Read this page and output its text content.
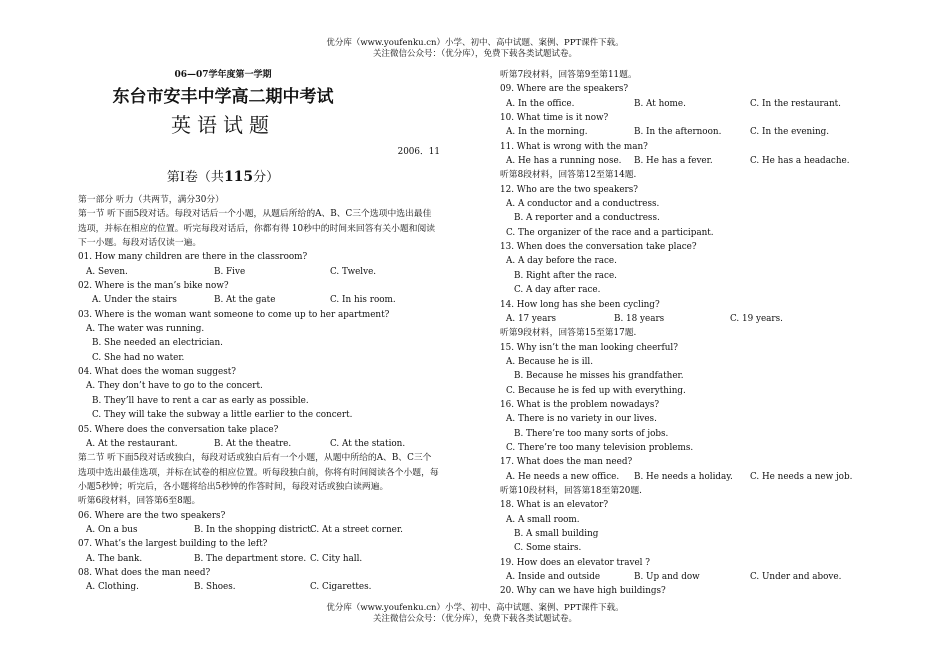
优分库（www.youfenku.cn）小学、初中、高中试题、案例、PPT课件下载。
关注微信公众号：（优分库），免费下载各类试题试卷。
06—07学年度第一学期
东台市安丰中学高二期中考试
英语试题
2006．11
第Ⅰ卷（共115分）
第一部分 听力（共两节，满分30分）
第一节 听下面5段对话。每段对话后一个小题，从题后所给的A、B、C三个选项中选出最佳选项，并标在相应的位置。听完每段对话后，你都有得 10秒中的时间来回答有关小题和阅读下一小题。每段对话仅读一遍。
01. How many children are there in the classroom?
A. Seven.	B. Five	C. Twelve.
02. Where is the man’s bike now?
A. Under the stairs	B. At the gate	C. In his room.
03. Where is the woman want someone to come up to her apartment?
A. The water was running.
B. She needed an electrician.
C. She had no water.
04. What does the woman suggest?
A. They don’t have to go to the concert.
B. They’ll have to rent a car as early as possible.
C. They will take the subway a little earlier to the concert.
05. Where does the conversation take place?
A. At the restaurant.	B. At the theatre.	C. At the station.
第二节 听下面5段对话或独白，每段对话或独白后有一个小题，从题中所给的A、B、C三个选项中选出最佳选项，并标在试卷的相应位置。听每段独白前，你将有时间阅读各个小题，每小题5秒钟；听完后，各小题将给出5秒钟的作答时间，每段对话或独白读两遍。
听第6段材料，回答第6至8题。
06. Where are the two speakers?
A. On a bus	B. In the shopping district.
C. At a street corner.
07. What’s the largest building to the left?
A. The bank.	B. The department store. C. City hall.
08. What does the man need?
A. Clothing.	B. Shoes.	C. Cigarettes.
听第7段材料，回答第9至第11题。
09. Where are the speakers?
A. In the office.	B. At home.	C. In the restaurant.
10. What time is it now?
A. In the morning.	B. In the afternoon.	C. In the evening.
11. What is wrong with the man?
A. He has a running nose.	B. He has a fever.	C. He has a headache.
听第8段材料，回答第12至第14题.
12. Who are the two speakers?
A. A conductor and a conductress.
B. A reporter and a conductress.
C. The organizer of the race and a participant.
13. When does the conversation take place?
A. A day before the race.
B. Right after the race.
C. A day after race.
14. How long has she been cycling?
A. 17 years	B. 18 years	C. 19 years.
听第9段材料，回答第15至第17题.
15. Why isn’t the man looking cheerful?
A. Because he is ill.
B. Because he misses his grandfather.
C. Because he is fed up with everything.
16. What is the problem nowadays?
A. There is no variety in our lives.
B. There’re too many sorts of jobs.
C. There’re too many television problems.
17. What does the man need?
A. He needs a new office.	B. He needs a holiday.	C. He needs a new job.
听第10段材料，回答第18至第20题.
18. What is an elevator?
A. A small room.
B. A small building
C. Some stairs.
19. How does an elevator travel ?
A. Inside and outside	B. Up and dow	C. Under and above.
20. Why can we have high buildings?
优分库（www.youfenku.cn）小学、初中、高中试题、案例、PPT课件下载。
关注微信公众号：（优分库），免费下载各类试题试卷。
